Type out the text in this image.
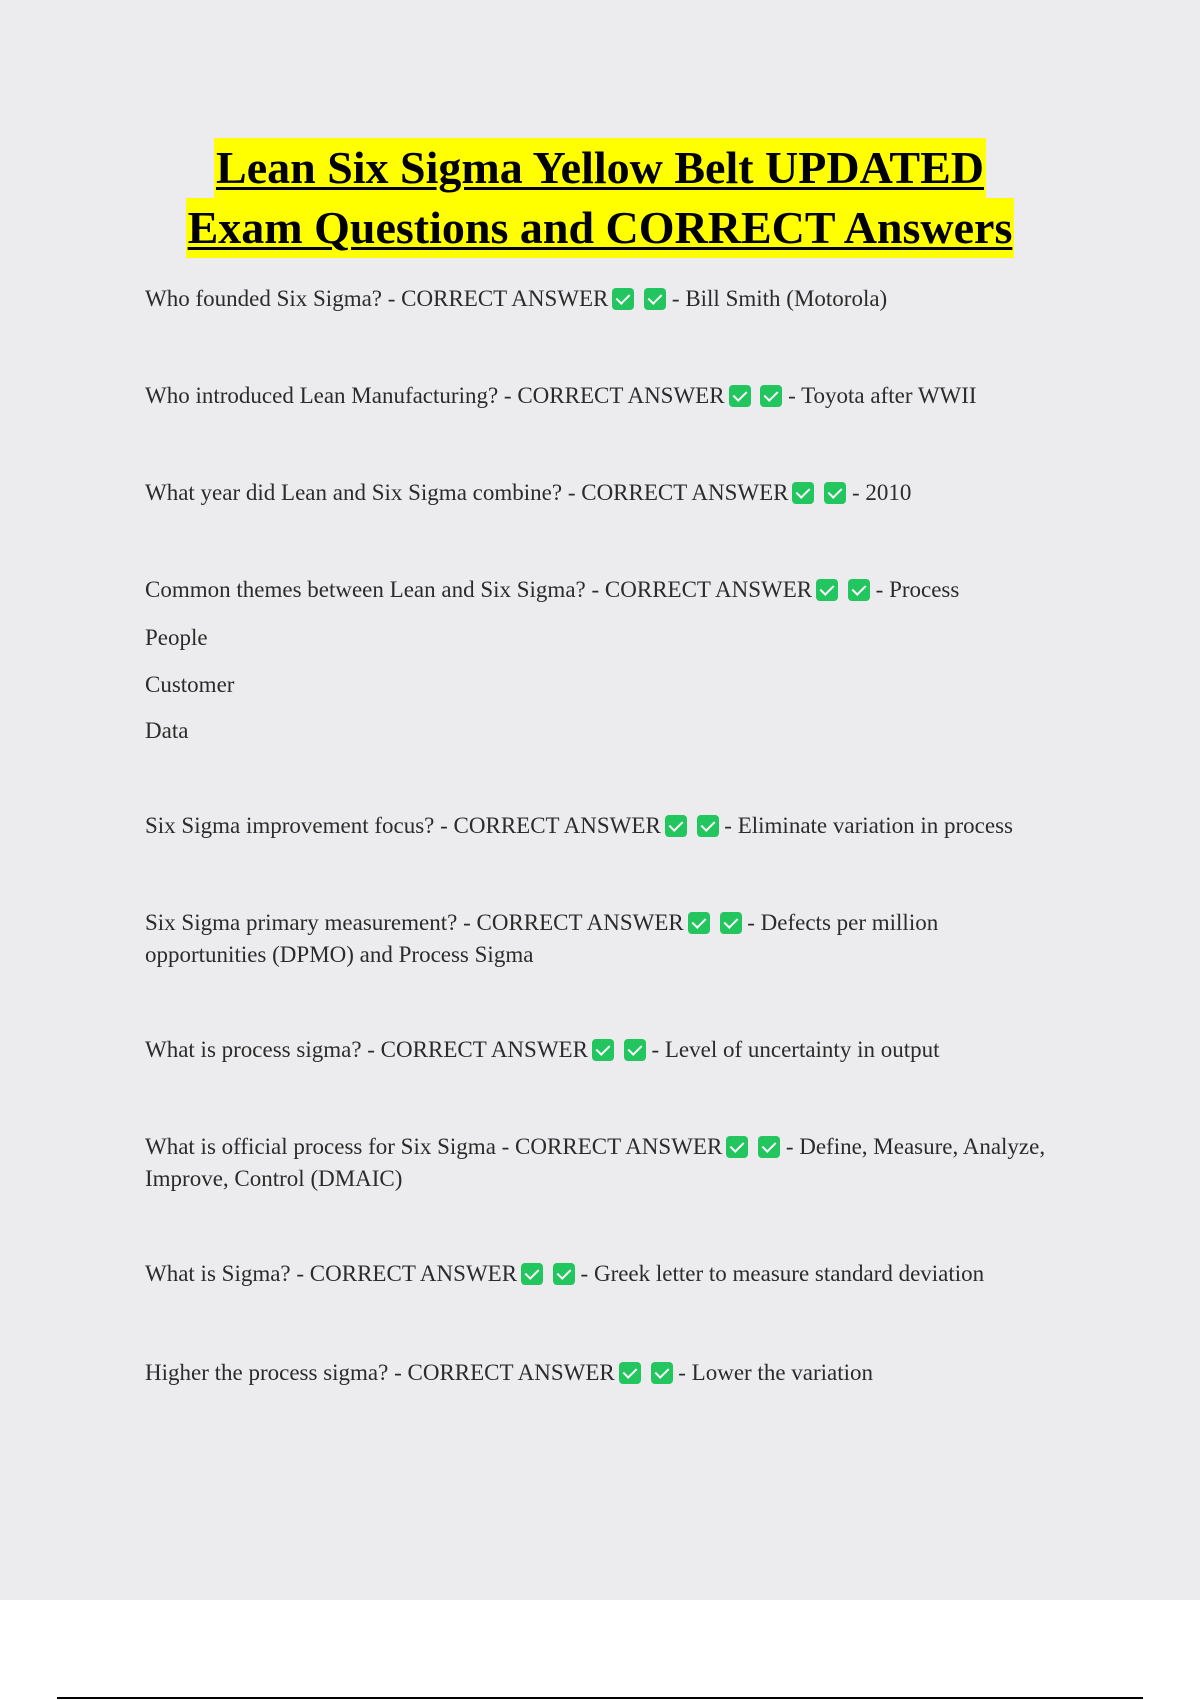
Lean Six Sigma Yellow Belt UPDATED
Exam Questions and CORRECT Answers
Who founded Six Sigma? - CORRECT ANSWER	- Bill Smith (Motorola)
Who introduced Lean Manufacturing? - CORRECT ANSWER	- Toyota after WWII
What year did Lean and Six Sigma combine? - CORRECT ANSWER	- 2010
Common themes between Lean and Six Sigma? - CORRECT ANSWER	- Process
People
Customer
Data
Six Sigma improvement focus? - CORRECT ANSWER	- Eliminate variation in process
Six Sigma primary measurement? - CORRECT ANSWER	- Defects per million opportunities (DPMO) and Process Sigma
What is process sigma? - CORRECT ANSWER	- Level of uncertainty in output
What is official process for Six Sigma - CORRECT ANSWER	- Define, Measure, Analyze, Improve, Control (DMAIC)
What is Sigma? - CORRECT ANSWER	- Greek letter to measure standard deviation
Higher the process sigma? - CORRECT ANSWER	- Lower the variation
